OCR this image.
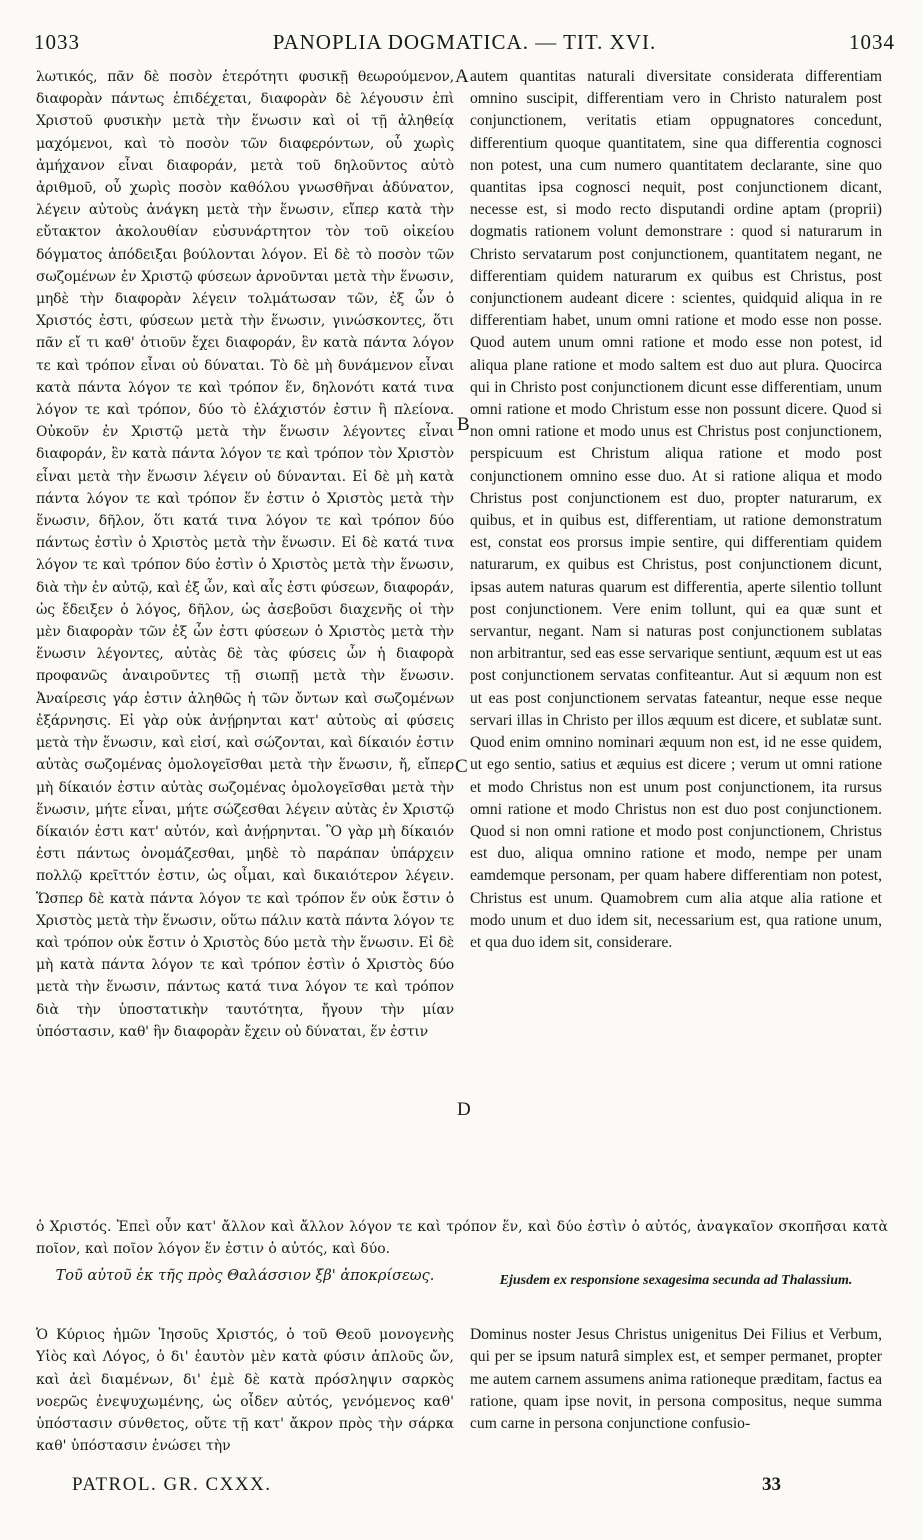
1033	PANOPLIA DOGMATICA. — TIT. XVI.	1034

λωτικός, πᾶν δὲ ποσὸν ἑτερότητι φυσικῇ θεωρούμενον, διαφορὰν πάντως ἐπιδέχεται, διαφορὰν δὲ λέγουσιν ἐπὶ Χριστοῦ φυσικὴν μετὰ τὴν ἕνωσιν καὶ οἱ τῇ ἀληθείᾳ μαχόμενοι, καὶ τὸ ποσὸν τῶν διαφερόντων, οὗ χωρὶς ἀμήχανον εἶναι διαφοράν, μετὰ τοῦ δηλοῦντος αὐτὸ ἀριθμοῦ, οὗ χωρὶς ποσὸν καθόλου γνωσθῆναι ἀδύνατον, λέγειν αὐτοὺς ἀνάγκη μετὰ τὴν ἕνωσιν, εἴπερ κατὰ τὴν εὔτακτον ἀκολουθίαν εὐσυνάρτητον τὸν τοῦ οἰκείου δόγματος ἀπόδειξαι βούλονται λόγον. Εἰ δὲ τὸ ποσὸν τῶν σωζομένων ἐν Χριστῷ φύσεων ἀρνοῦνται μετὰ τὴν ἕνωσιν, μηδὲ τὴν διαφορὰν λέγειν τολμάτωσαν τῶν, ἐξ ὧν ὁ Χριστός ἐστι, φύσεων μετὰ τὴν ἕνωσιν, γινώσκοντες, ὅτι πᾶν εἴ τι καθ' ὁτιοῦν ἔχει διαφοράν, ἓν κατὰ πάντα λόγον τε καὶ τρόπον εἶναι οὐ δύναται. Τὸ δὲ μὴ δυνάμενον εἶναι κατὰ πάντα λόγον τε καὶ τρόπον ἕν, δηλονότι κατά τινα λόγον τε καὶ τρόπον, δύο τὸ ἐλάχιστόν ἐστιν ἢ πλείονα. Οὐκοῦν ἐν Χριστῷ μετὰ τὴν ἕνωσιν λέγοντες εἶναι διαφοράν, ἓν κατὰ πάντα λόγον τε καὶ τρόπον τὸν Χριστὸν εἶναι μετὰ τὴν ἕνωσιν λέγειν οὐ δύνανται. Εἰ δὲ μὴ κατὰ πάντα λόγον τε καὶ τρόπον ἕν ἐστιν ὁ Χριστὸς μετὰ τὴν ἕνωσιν, δῆλον, ὅτι κατά τινα λόγον τε καὶ τρόπον δύο πάντως ἐστὶν ὁ Χριστὸς μετὰ τὴν ἕνωσιν. Εἰ δὲ κατά τινα λόγον τε καὶ τρόπον δύο ἐστὶν ὁ Χριστὸς μετὰ τὴν ἕνωσιν, διὰ τὴν ἐν αὐτῷ, καὶ ἐξ ὧν, καὶ αἷς ἐστι φύσεων, διαφοράν, ὡς ἔδειξεν ὁ λόγος, δῆλον, ὡς ἀσεβοῦσι διαχενῆς οἱ τὴν μὲν διαφορὰν τῶν ἐξ ὧν ἐστι φύσεων ὁ Χριστὸς μετὰ τὴν ἕνωσιν λέγοντες, αὐτὰς δὲ τὰς φύσεις ὧν ἡ διαφορὰ προφανῶς ἀναιροῦντες τῇ σιωπῇ μετὰ τὴν ἕνωσιν. Ἀναίρεσις γάρ ἐστιν ἀληθῶς ἡ τῶν ὄντων καὶ σωζομένων ἐξάρνησις. Εἰ γὰρ οὐκ ἀνῄρηνται κατ' αὐτοὺς αἱ φύσεις μετὰ τὴν ἕνωσιν, καὶ εἰσί, καὶ σώζονται, καὶ δίκαιόν ἐστιν αὐτὰς σωζομένας ὁμολογεῖσθαι μετὰ τὴν ἕνωσιν, ἤ, εἴπερ μὴ δίκαιόν ἐστιν αὐτὰς σωζομένας ὁμολογεῖσθαι μετὰ τὴν ἕνωσιν, μήτε εἶναι, μήτε σώζεσθαι λέγειν αὐτὰς ἐν Χριστῷ δίκαιόν ἐστι κατ' αὐτόν, καὶ ἀνῄρηνται. Ὃ γὰρ μὴ δίκαιόν ἐστι πάντως ὀνομάζεσθαι, μηδὲ τὸ παράπαν ὑπάρχειν πολλῷ κρεῖττόν ἐστιν, ὡς οἶμαι, καὶ δικαιότερον λέγειν. Ὥσπερ δὲ κατὰ πάντα λόγον τε καὶ τρόπον ἕν οὐκ ἔστιν ὁ Χριστὸς μετὰ τὴν ἕνωσιν, οὕτω πάλιν κατὰ πάντα λόγον τε καὶ τρόπον οὐκ ἔστιν ὁ Χριστὸς δύο μετὰ τὴν ἕνωσιν. Εἰ δὲ μὴ κατὰ πάντα λόγον τε καὶ τρόπον ἐστὶν ὁ Χριστὸς δύο μετὰ τὴν ἕνωσιν, πάντως κατά τινα λόγον τε καὶ τρόπον διὰ τὴν ὑποστατικὴν ταυτότητα, ἤγουν τὴν μίαν ὑπόστασιν, καθ' ἣν διαφορὰν ἔχειν οὐ δύναται, ἕν ἐστιν

autem quantitas naturali diversitate considerata differentiam omnino suscipit, differentiam vero in Christo naturalem post conjunctionem, veritatis etiam oppugnatores concedunt, differentium quoque quantitatem, sine qua differentia cognosci non potest, una cum numero quantitatem declarante, sine quo quantitas ipsa cognosci nequit, post conjunctionem dicant, necesse est, si modo recto disputandi ordine aptam (proprii) dogmatis rationem volunt demonstrare : quod si naturarum in Christo servatarum post conjunctionem, quantitatem negant, ne differentiam quidem naturarum ex quibus est Christus, post conjunctionem audeant dicere : scientes, quidquid aliqua in re differentiam habet, unum omni ratione et modo esse non posse. Quod autem unum omni ratione et modo esse non potest, id aliqua plane ratione et modo saltem est duo aut plura. Quocirca qui in Christo post conjunctionem dicunt esse differentiam, unum omni ratione et modo Christum esse non possunt dicere. Quod si non omni ratione et modo unus est Christus post conjunctionem, perspicuum est Christum aliqua ratione et modo post conjunctionem omnino esse duo. At si ratione aliqua et modo Christus post conjunctionem est duo, propter naturarum, ex quibus, et in quibus est, differentiam, ut ratione demonstratum est, constat eos prorsus impie sentire, qui differentiam quidem naturarum, ex quibus est Christus, post conjunctionem dicunt, ipsas autem naturas quarum est differentia, aperte silentio tollunt post conjunctionem. Vere enim tollunt, qui ea quæ sunt et servantur, negant. Nam si naturas post conjunctionem sublatas non arbitrantur, sed eas esse servarique sentiunt, æquum est ut eas post conjunctionem servatas confiteantur. Aut si æquum non est ut eas post conjunctionem servatas fateantur, neque esse neque servari illas in Christo per illos æquum est dicere, et sublatæ sunt. Quod enim omnino nominari æquum non est, id ne esse quidem, ut ego sentio, satius et æquius est dicere ; verum ut omni ratione et modo Christus non est unum post conjunctionem, ita rursus omni ratione et modo Christus non est duo post conjunctionem. Quod si non omni ratione et modo post conjunctionem, Christus est duo, aliqua omnino ratione et modo, nempe per unam eamdemque personam, per quam habere differentiam non potest, Christus est unum. Quamobrem cum alia atque alia ratione et modo unum et duo idem sit, necessarium est, qua ratione unum, et qua duo idem sit, considerare.

A
B
C
D

ὁ Χριστός. Ἐπεὶ οὖν κατ' ἄλλον καὶ ἄλλον λόγον τε καὶ τρόπον ἕν, καὶ δύο ἐστὶν ὁ αὐτός, ἀναγκαῖον σκοπῆσαι κατὰ ποῖον, καὶ ποῖον λόγον ἕν ἐστιν ὁ αὐτός, καὶ δύο.

Τοῦ αὐτοῦ ἐκ τῆς πρὸς Θαλάσσιον ξβ' ἀποκρίσεως.	Ejusdem ex responsione sexagesima secunda ad Thalassium.

Ὁ Κύριος ἡμῶν Ἰησοῦς Χριστός, ὁ τοῦ Θεοῦ μονογενὴς Υἱὸς καὶ Λόγος, ὁ δι' ἑαυτὸν μὲν κατὰ φύσιν ἁπλοῦς ὤν, καὶ ἀεὶ διαμένων, δι' ἐμὲ δὲ κατὰ πρόσληψιν σαρκὸς νοερῶς ἐνεψυχωμένης, ὡς οἶδεν αὐτός, γενόμενος καθ' ὑπόστασιν σύνθετος, οὔτε τῇ κατ' ἄκρον πρὸς τὴν σάρκα καθ' ὑπόστασιν ἑνώσει τὴν

Dominus noster Jesus Christus unigenitus Dei Filius et Verbum, qui per se ipsum naturâ simplex est, et semper permanet, propter me autem carnem assumens anima rationeque præditam, factus ea ratione, quam ipse novit, in persona compositus, neque summa cum carne in persona conjunctione confusio-

PATROL. GR. CXXX.	33
